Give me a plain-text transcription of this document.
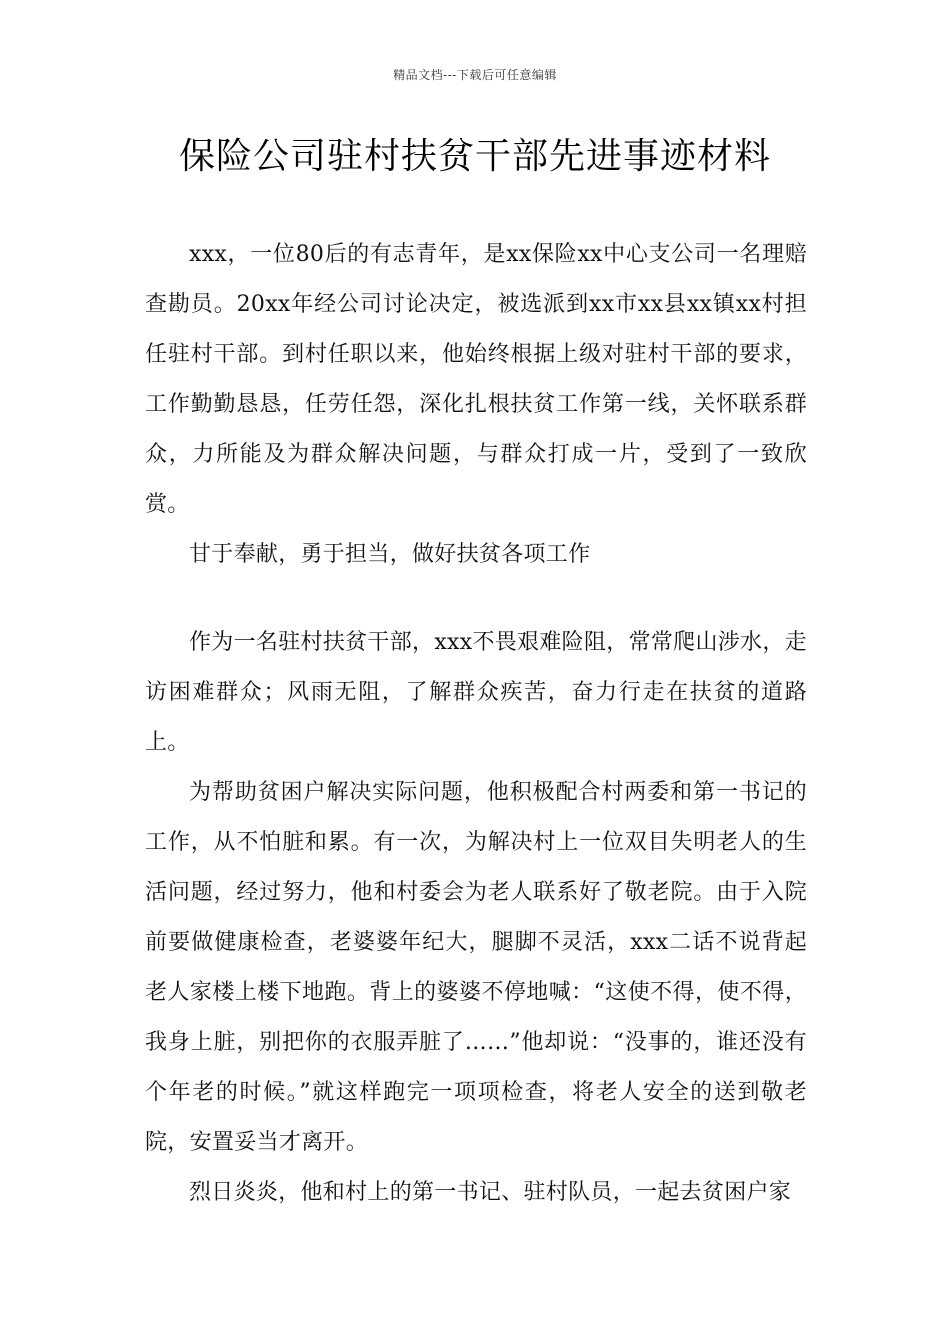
精品文档---下载后可任意编辑
保险公司驻村扶贫干部先进事迹材料

xxx，一位80后的有志青年，是xx保险xx中心支公司一名理赔查勘员。20xx年经公司讨论决定，被选派到xx市xx县xx镇xx村担任驻村干部。到村任职以来，他始终根据上级对驻村干部的要求，工作勤勤恳恳，任劳任怨，深化扎根扶贫工作第一线，关怀联系群众，力所能及为群众解决问题，与群众打成一片，受到了一致欣赏。

甘于奉献，勇于担当，做好扶贫各项工作

作为一名驻村扶贫干部，xxx不畏艰难险阻，常常爬山涉水，走访困难群众；风雨无阻，了解群众疾苦，奋力行走在扶贫的道路上。

为帮助贫困户解决实际问题，他积极配合村两委和第一书记的工作，从不怕脏和累。有一次，为解决村上一位双目失明老人的生活问题，经过努力，他和村委会为老人联系好了敬老院。由于入院前要做健康检查，老婆婆年纪大，腿脚不灵活，xxx二话不说背起老人家楼上楼下地跑。背上的婆婆不停地喊：“这使不得，使不得，我身上脏，别把你的衣服弄脏了……”他却说：“没事的，谁还没有个年老的时候。”就这样跑完一项项检查，将老人安全的送到敬老院，安置妥当才离开。

烈日炎炎，他和村上的第一书记、驻村队员，一起去贫困户家
